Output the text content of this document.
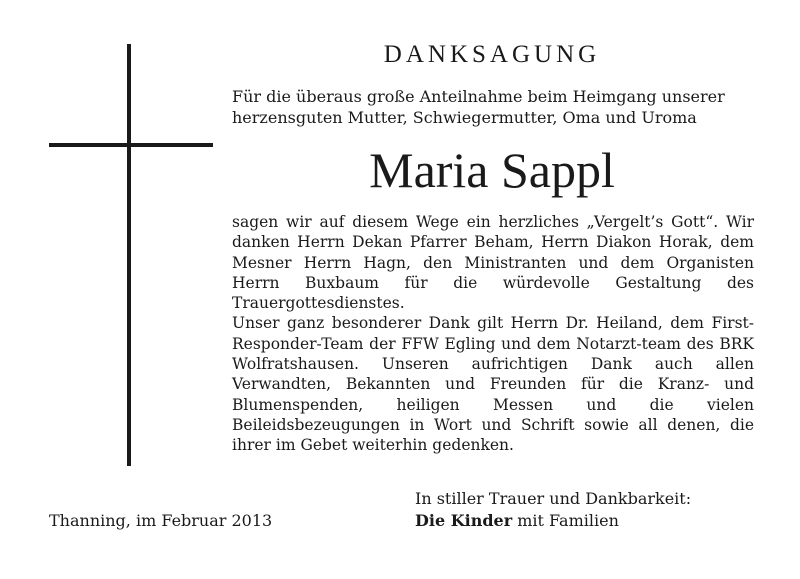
DANKSAGUNG
Für die überaus große Anteilnahme beim Heimgang unserer
herzensguten Mutter, Schwiegermutter, Oma und Uroma
Maria Sappl

sagen wir auf diesem Wege ein herzliches „Vergelt’s Gott“. Wir danken Herrn Dekan Pfarrer Beham, Herrn Diakon Horak, dem Mesner Herrn Hagn, den Ministranten und dem Organisten Herrn Buxbaum für die würdevolle Gestaltung des Trauergottesdienstes.

Unser ganz besonderer Dank gilt Herrn Dr. Heiland, dem First-Responder-Team der FFW Egling und dem Notarzt-team des BRK Wolfratshausen. Unseren aufrichtigen Dank auch allen Verwandten, Bekannten und Freunden für die Kranz- und Blumenspenden, heiligen Messen und die vielen Beileidsbezeugungen in Wort und Schrift sowie all denen, die ihrer im Gebet weiterhin gedenken.

In stiller Trauer und Dankbarkeit:
Die Kinder mit Familien
Thanning, im Februar 2013
